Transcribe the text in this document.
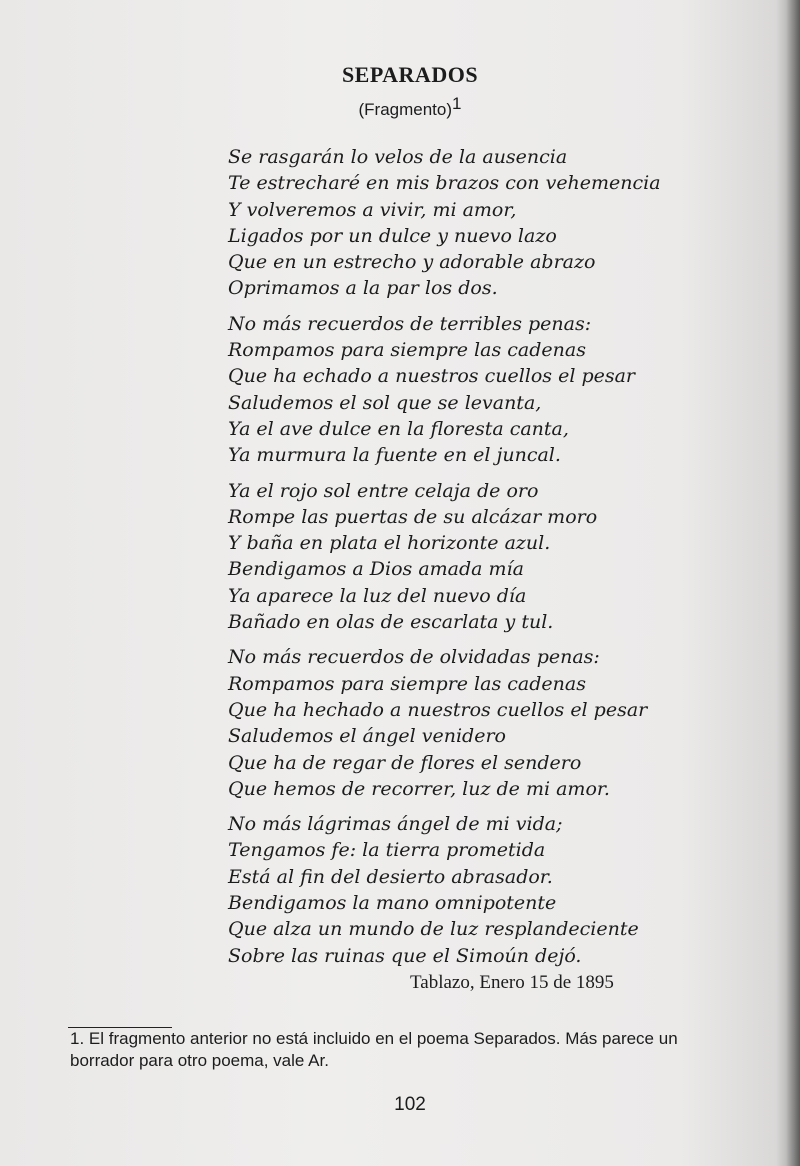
SEPARADOS
(Fragmento)$^1$
Se rasgarán lo velos de la ausencia
Te estrecharé en mis brazos con vehemencia
Y volveremos a vivir, mi amor,
Ligados por un dulce y nuevo lazo
Que en un estrecho y adorable abrazo
Oprimamos a la par los dos.
No más recuerdos de terribles penas:
Rompamos para siempre las cadenas
Que ha echado a nuestros cuellos el pesar
Saludemos el sol que se levanta,
Ya el ave dulce en la floresta canta,
Ya murmura la fuente en el juncal.
Ya el rojo sol entre celaja de oro
Rompe las puertas de su alcázar moro
Y baña en plata el horizonte azul.
Bendigamos a Dios amada mía
Ya aparece la luz del nuevo día
Bañado en olas de escarlata y tul.
No más recuerdos de olvidadas penas:
Rompamos para siempre las cadenas
Que ha hechado a nuestros cuellos el pesar
Saludemos el ángel venidero
Que ha de regar de flores el sendero
Que hemos de recorrer, luz de mi amor.
No más lágrimas ángel de mi vida;
Tengamos fe: la tierra prometida
Está al fin del desierto abrasador.
Bendigamos la mano omnipotente
Que alza un mundo de luz resplandeciente
Sobre las ruinas que el Simoún dejó.
Tablazo, Enero 15 de 1895
1. El fragmento anterior no está incluido en el poema Separados. Más parece un
borrador para otro poema, vale Ar.
102
